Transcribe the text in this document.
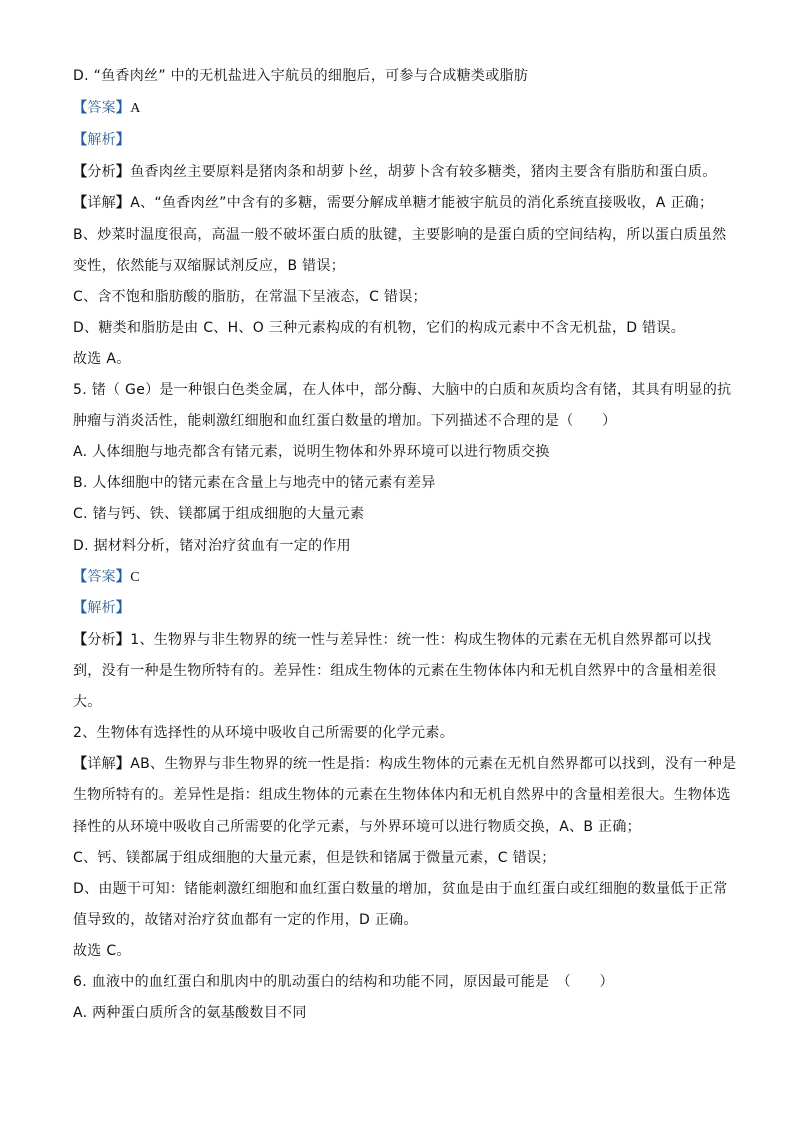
D. “鱼香肉丝” 中的无机盐进入宇航员的细胞后，可参与合成糖类或脂肪
【答案】A
【解析】
【分析】鱼香肉丝主要原料是猪肉条和胡萝卜丝，胡萝卜含有较多糖类，猪肉主要含有脂肪和蛋白质。
【详解】A、“鱼香肉丝”中含有的多糖，需要分解成单糖才能被宇航员的消化系统直接吸收，A 正确；
B、炒菜时温度很高，高温一般不破坏蛋白质的肽键，主要影响的是蛋白质的空间结构，所以蛋白质虽然
变性，依然能与双缩脲试剂反应，B 错误；
C、含不饱和脂肪酸的脂肪，在常温下呈液态，C 错误；
D、糖类和脂肪是由 C、H、O 三种元素构成的有机物，它们的构成元素中不含无机盐，D 错误。
故选 A。
5. 锗（ Ge）是一种银白色类金属，在人体中，部分酶、大脑中的白质和灰质均含有锗，其具有明显的抗
肿瘤与消炎活性，能刺激红细胞和血红蛋白数量的增加。下列描述不合理的是（　　）
A. 人体细胞与地壳都含有锗元素，说明生物体和外界环境可以进行物质交换
B. 人体细胞中的锗元素在含量上与地壳中的锗元素有差异
C. 锗与钙、铁、镁都属于组成细胞的大量元素
D. 据材料分析，锗对治疗贫血有一定的作用
【答案】C
【解析】
【分析】1、生物界与非生物界的统一性与差异性：统一性：构成生物体的元素在无机自然界都可以找
到，没有一种是生物所特有的。差异性：组成生物体的元素在生物体体内和无机自然界中的含量相差很
大。
2、生物体有选择性的从环境中吸收自己所需要的化学元素。
【详解】AB、生物界与非生物界的统一性是指：构成生物体的元素在无机自然界都可以找到，没有一种是
生物所特有的。差异性是指：组成生物体的元素在生物体体内和无机自然界中的含量相差很大。生物体选
择性的从环境中吸收自己所需要的化学元素，与外界环境可以进行物质交换，A、B 正确；
C、钙、镁都属于组成细胞的大量元素，但是铁和锗属于微量元素，C 错误；
D、由题干可知：锗能刺激红细胞和血红蛋白数量的增加，贫血是由于血红蛋白或红细胞的数量低于正常
值导致的，故锗对治疗贫血都有一定的作用，D 正确。
故选 C。
6. 血液中的血红蛋白和肌肉中的肌动蛋白的结构和功能不同，原因最可能是　（　　）
A. 两种蛋白质所含的氨基酸数目不同
